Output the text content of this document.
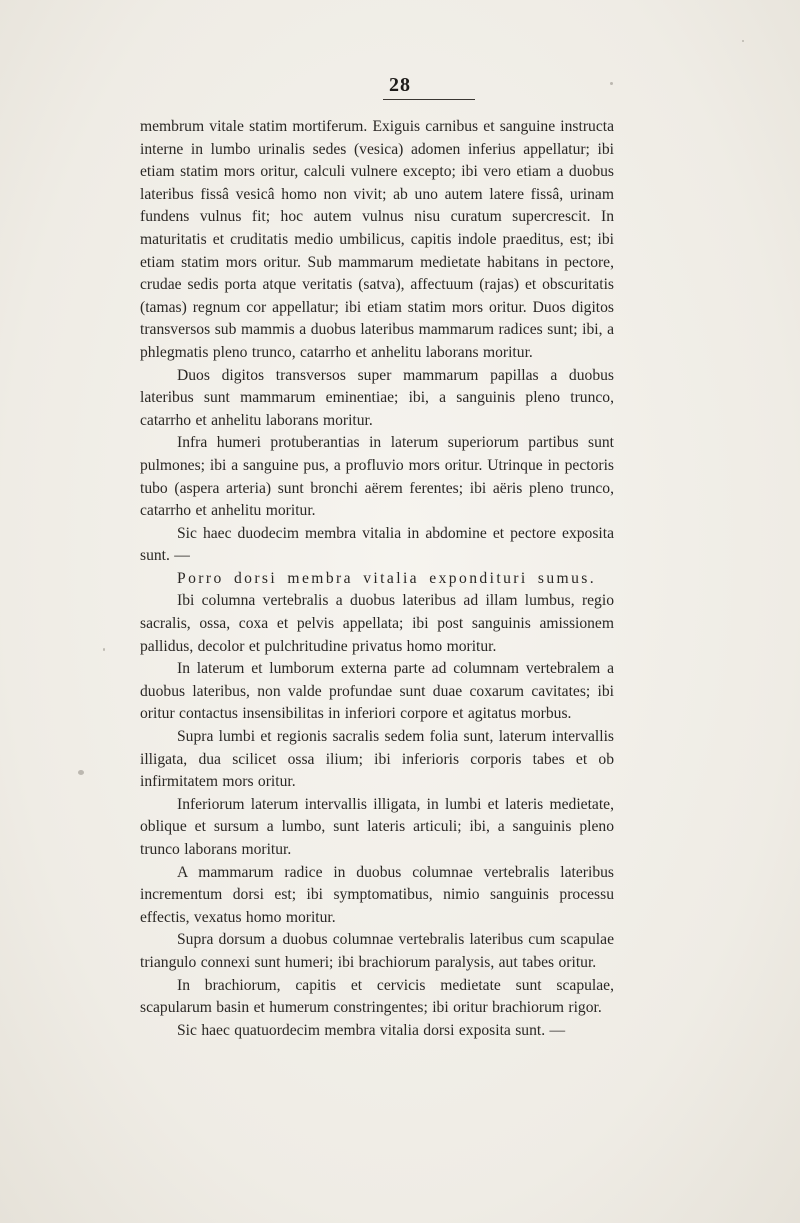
28

membrum vitale statim mortiferum. Exiguis carnibus et sanguine instructa interne in lumbo urinalis sedes (vesica) adomen inferius appellatur; ibi etiam statim mors oritur, calculi vulnere excepto; ibi vero etiam a duobus lateribus fissâ vesicâ homo non vivit; ab uno autem latere fissâ, urinam fundens vulnus fit; hoc autem vulnus nisu curatum supercrescit. In maturitatis et cruditatis medio umbilicus, capitis indole praeditus, est; ibi etiam statim mors oritur. Sub mammarum medietate habitans in pectore, crudae sedis porta atque veritatis (satva), affectuum (rajas) et obscuritatis (tamas) regnum cor appellatur; ibi etiam statim mors oritur. Duos digitos transversos sub mammis a duobus lateribus mammarum radices sunt; ibi, a phlegmatis pleno trunco, catarrho et anhelitu laborans moritur.

Duos digitos transversos super mammarum papillas a duobus lateribus sunt mammarum eminentiae; ibi, a sanguinis pleno trunco, catarrho et anhelitu laborans moritur.

Infra humeri protuberantias in laterum superiorum partibus sunt pulmones; ibi a sanguine pus, a profluvio mors oritur. Utrinque in pectoris tubo (aspera arteria) sunt bronchi aërem ferentes; ibi aëris pleno trunco, catarrho et anhelitu moritur.

Sic haec duodecim membra vitalia in abdomine et pectore exposita sunt. —

Porro dorsi membra vitalia expondituri sumus.

Ibi columna vertebralis a duobus lateribus ad illam lumbus, regio sacralis, ossa, coxa et pelvis appellata; ibi post sanguinis amissionem pallidus, decolor et pulchritudine privatus homo moritur.

In laterum et lumborum externa parte ad columnam vertebralem a duobus lateribus, non valde profundae sunt duae coxarum cavitates; ibi oritur contactus insensibilitas in inferiori corpore et agitatus morbus.

Supra lumbi et regionis sacralis sedem folia sunt, laterum intervallis illigata, dua scilicet ossa ilium; ibi inferioris corporis tabes et ob infirmitatem mors oritur.

Inferiorum laterum intervallis illigata, in lumbi et lateris medietate, oblique et sursum a lumbo, sunt lateris articuli; ibi, a sanguinis pleno trunco laborans moritur.

A mammarum radice in duobus columnae vertebralis lateribus incrementum dorsi est; ibi symptomatibus, nimio sanguinis processu effectis, vexatus homo moritur.

Supra dorsum a duobus columnae vertebralis lateribus cum scapulae triangulo connexi sunt humeri; ibi brachiorum paralysis, aut tabes oritur.

In brachiorum, capitis et cervicis medietate sunt scapulae, scapularum basin et humerum constringentes; ibi oritur brachiorum rigor.

Sic haec quatuordecim membra vitalia dorsi exposita sunt. —
